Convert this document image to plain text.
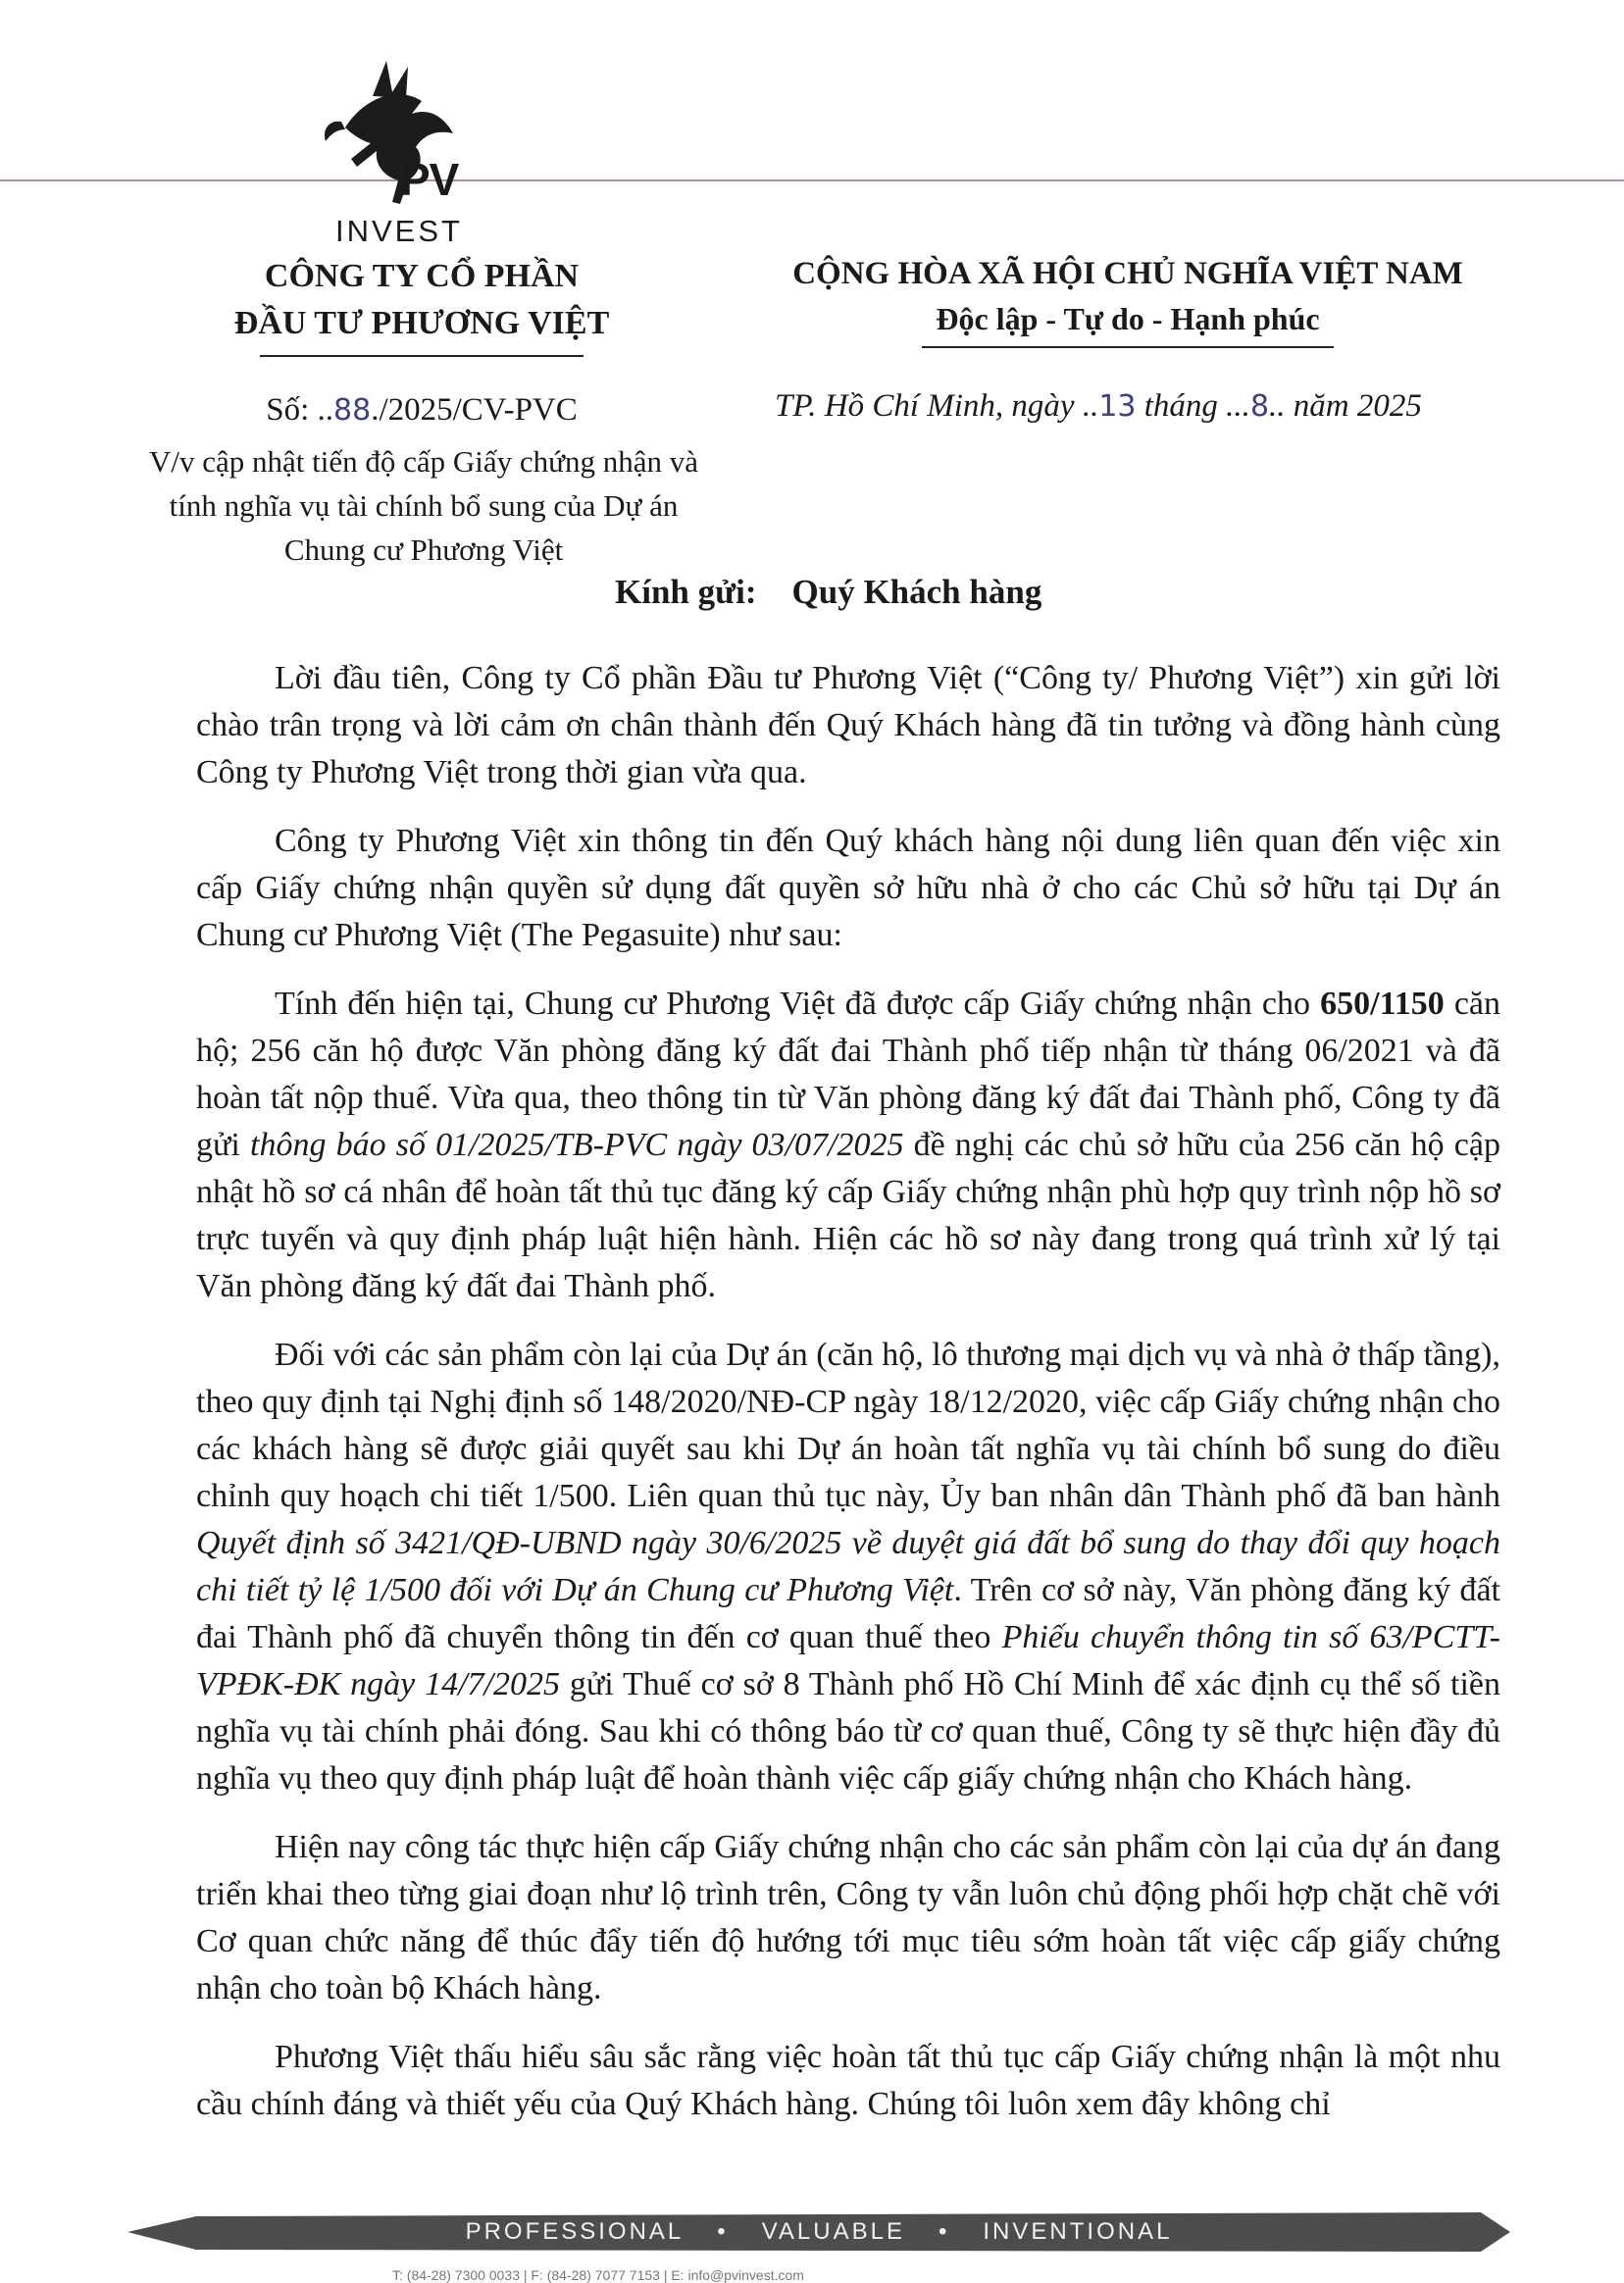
PV
INVEST
CÔNG TY CỔ PHẦN
ĐẦU TƯ PHƯƠNG VIỆT
CỘNG HÒA XÃ HỘI CHỦ NGHĨA VIỆT NAM
Độc lập - Tự do - Hạnh phúc
Số: ..88./2025/CV-PVC
V/v cập nhật tiến độ cấp Giấy chứng nhận và
tính nghĩa vụ tài chính bổ sung của Dự án
Chung cư Phương Việt
TP. Hồ Chí Minh, ngày ..13 tháng ...8.. năm 2025
Kính gửi: Quý Khách hàng

Lời đầu tiên, Công ty Cổ phần Đầu tư Phương Việt (“Công ty/ Phương Việt”) xin gửi lời chào trân trọng và lời cảm ơn chân thành đến Quý Khách hàng đã tin tưởng và đồng hành cùng Công ty Phương Việt trong thời gian vừa qua.

Công ty Phương Việt xin thông tin đến Quý khách hàng nội dung liên quan đến việc xin cấp Giấy chứng nhận quyền sử dụng đất quyền sở hữu nhà ở cho các Chủ sở hữu tại Dự án Chung cư Phương Việt (The Pegasuite) như sau:

Tính đến hiện tại, Chung cư Phương Việt đã được cấp Giấy chứng nhận cho 650/1150 căn hộ; 256 căn hộ được Văn phòng đăng ký đất đai Thành phố tiếp nhận từ tháng 06/2021 và đã hoàn tất nộp thuế. Vừa qua, theo thông tin từ Văn phòng đăng ký đất đai Thành phố, Công ty đã gửi thông báo số 01/2025/TB-PVC ngày 03/07/2025 đề nghị các chủ sở hữu của 256 căn hộ cập nhật hồ sơ cá nhân để hoàn tất thủ tục đăng ký cấp Giấy chứng nhận phù hợp quy trình nộp hồ sơ trực tuyến và quy định pháp luật hiện hành. Hiện các hồ sơ này đang trong quá trình xử lý tại Văn phòng đăng ký đất đai Thành phố.

Đối với các sản phẩm còn lại của Dự án (căn hộ, lô thương mại dịch vụ và nhà ở thấp tầng), theo quy định tại Nghị định số 148/2020/NĐ-CP ngày 18/12/2020, việc cấp Giấy chứng nhận cho các khách hàng sẽ được giải quyết sau khi Dự án hoàn tất nghĩa vụ tài chính bổ sung do điều chỉnh quy hoạch chi tiết 1/500. Liên quan thủ tục này, Ủy ban nhân dân Thành phố đã ban hành Quyết định số 3421/QĐ-UBND ngày 30/6/2025 về duyệt giá đất bổ sung do thay đổi quy hoạch chi tiết tỷ lệ 1/500 đối với Dự án Chung cư Phương Việt. Trên cơ sở này, Văn phòng đăng ký đất đai Thành phố đã chuyển thông tin đến cơ quan thuế theo Phiếu chuyển thông tin số 63/PCTT-VPĐK-ĐK ngày 14/7/2025 gửi Thuế cơ sở 8 Thành phố Hồ Chí Minh để xác định cụ thể số tiền nghĩa vụ tài chính phải đóng. Sau khi có thông báo từ cơ quan thuế, Công ty sẽ thực hiện đầy đủ nghĩa vụ theo quy định pháp luật để hoàn thành việc cấp giấy chứng nhận cho Khách hàng.

Hiện nay công tác thực hiện cấp Giấy chứng nhận cho các sản phẩm còn lại của dự án đang triển khai theo từng giai đoạn như lộ trình trên, Công ty vẫn luôn chủ động phối hợp chặt chẽ với Cơ quan chức năng để thúc đẩy tiến độ hướng tới mục tiêu sớm hoàn tất việc cấp giấy chứng nhận cho toàn bộ Khách hàng.

Phương Việt thấu hiểu sâu sắc rằng việc hoàn tất thủ tục cấp Giấy chứng nhận là một nhu cầu chính đáng và thiết yếu của Quý Khách hàng. Chúng tôi luôn xem đây không chỉ

PROFESSIONAL • VALUABLE • INVENTIONAL
T: (84-28) 7300 0033 | F: (84-28) 7077 7153 | E: info@pvinvest.com
